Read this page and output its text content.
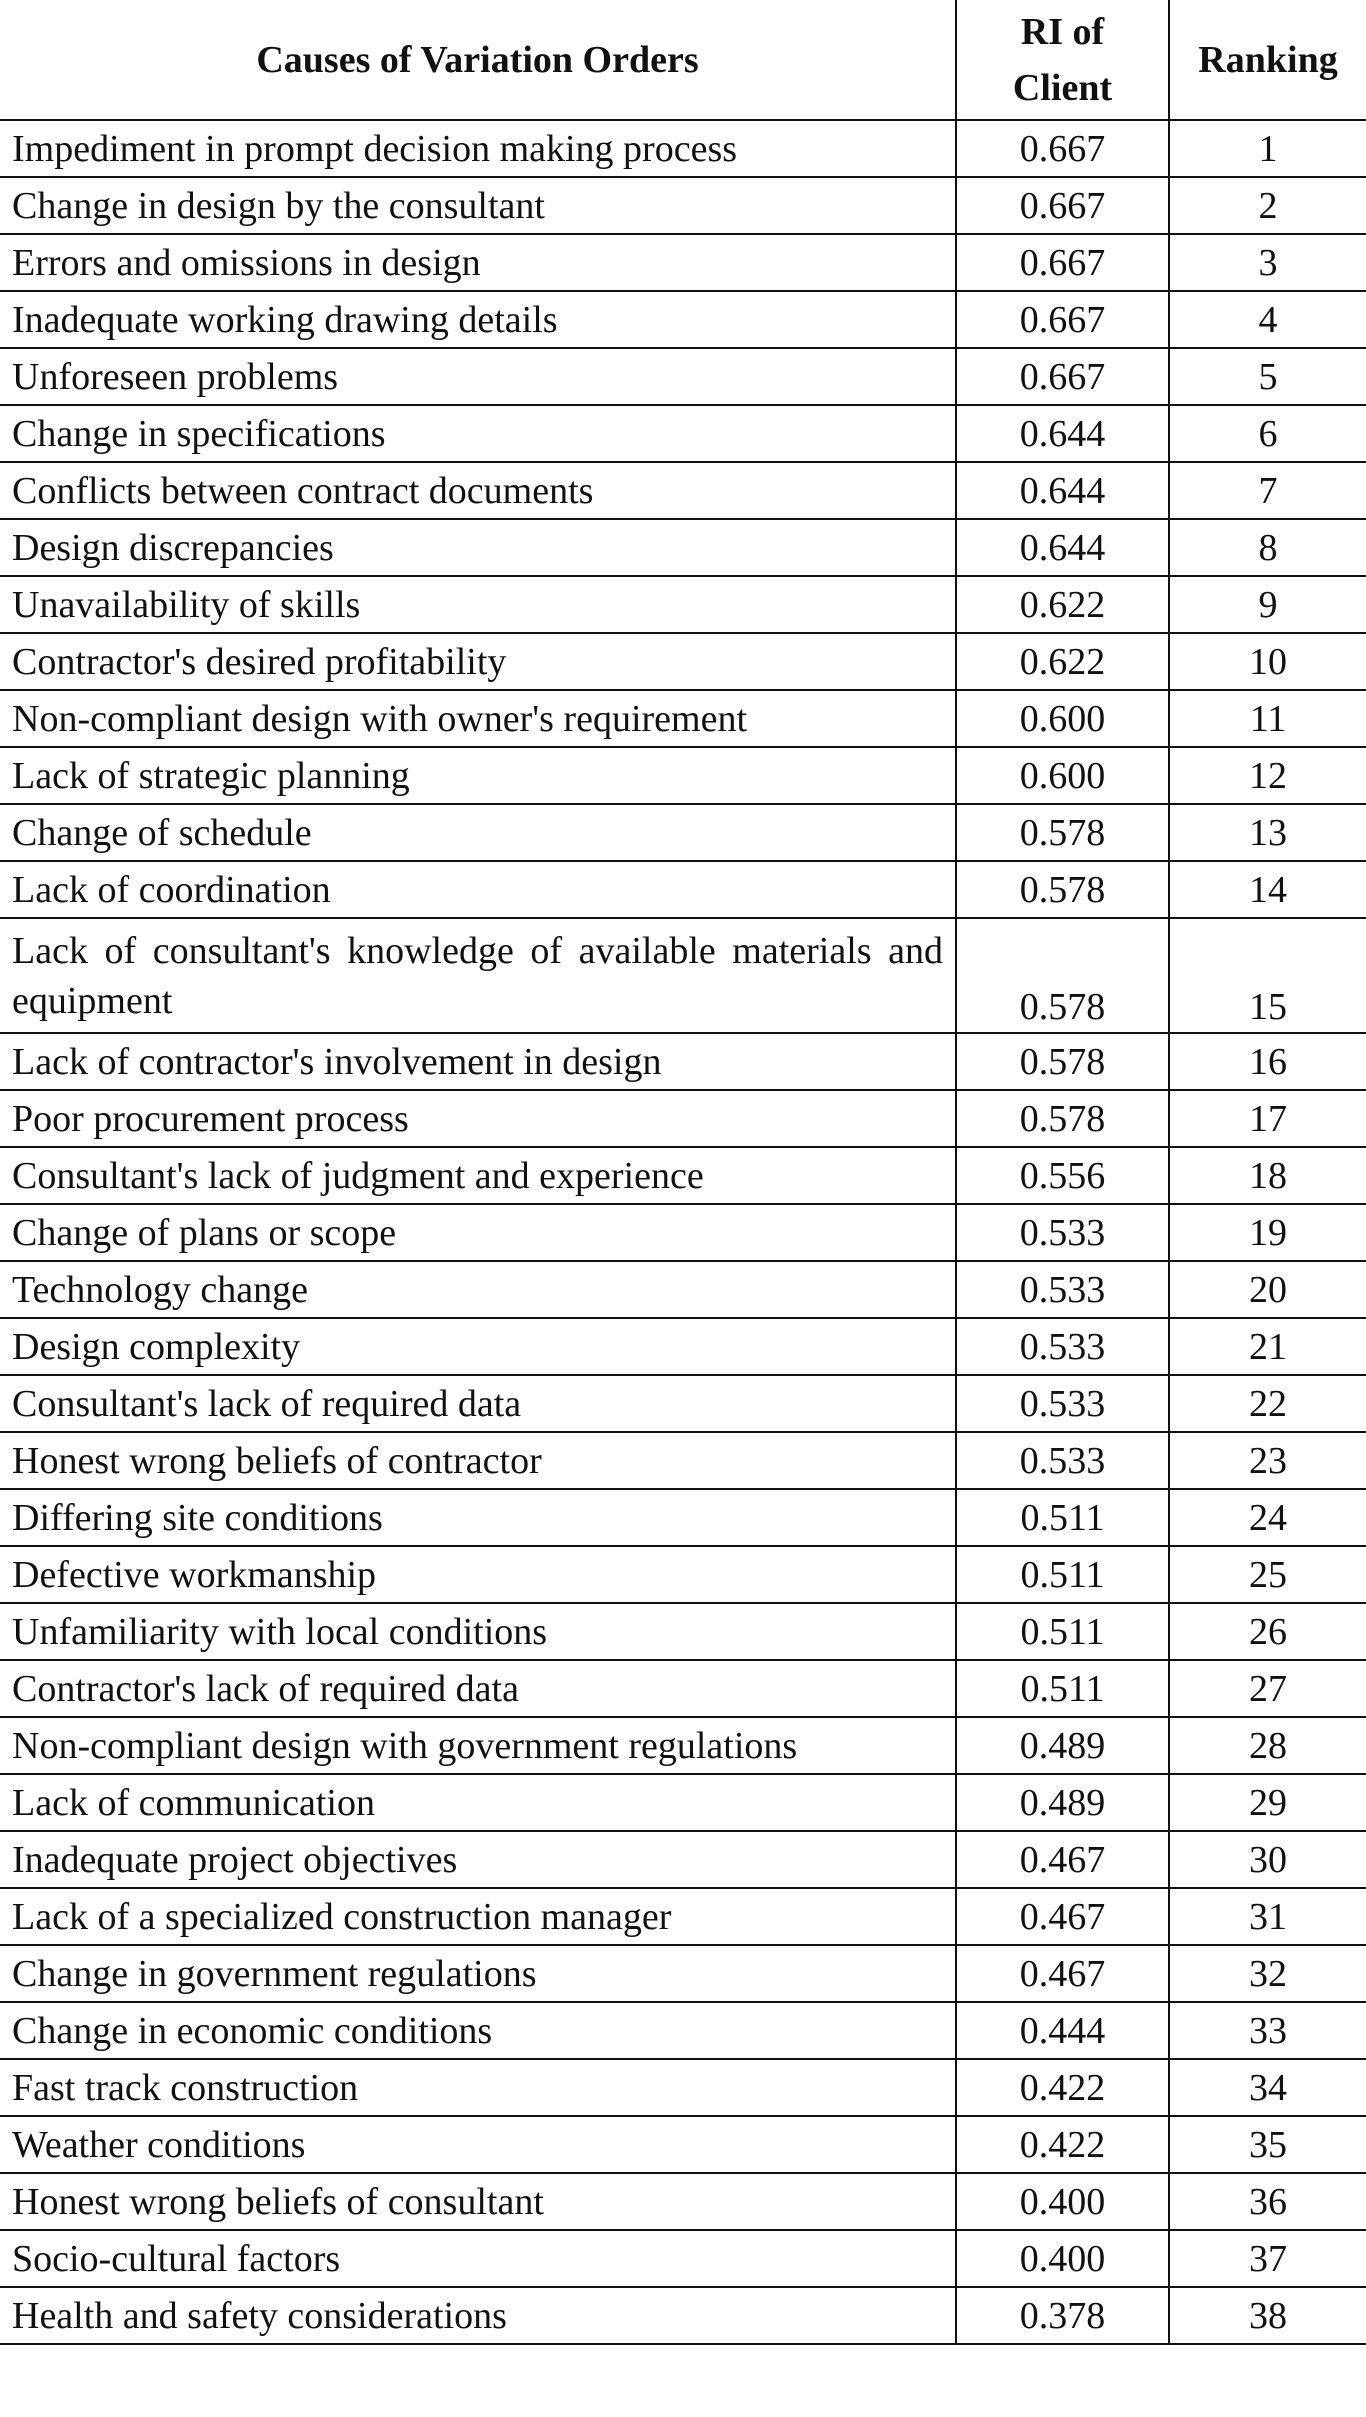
Causes of Variation Orders	RI of Client	Ranking
Impediment in prompt decision making process	0.667	1
Change in design by the consultant	0.667	2
Errors and omissions in design	0.667	3
Inadequate working drawing details	0.667	4
Unforeseen problems	0.667	5
Change in specifications	0.644	6
Conflicts between contract documents	0.644	7
Design discrepancies	0.644	8
Unavailability of skills	0.622	9
Contractor's desired profitability	0.622	10
Non-compliant design with owner's requirement	0.600	11
Lack of strategic planning	0.600	12
Change of schedule	0.578	13
Lack of coordination	0.578	14
Lack of consultant's knowledge of available materials and equipment	0.578	15
Lack of contractor's involvement in design	0.578	16
Poor procurement process	0.578	17
Consultant's lack of judgment and experience	0.556	18
Change of plans or scope	0.533	19
Technology change	0.533	20
Design complexity	0.533	21
Consultant's lack of required data	0.533	22
Honest wrong beliefs of contractor	0.533	23
Differing site conditions	0.511	24
Defective workmanship	0.511	25
Unfamiliarity with local conditions	0.511	26
Contractor's lack of required data	0.511	27
Non-compliant design with government regulations	0.489	28
Lack of communication	0.489	29
Inadequate project objectives	0.467	30
Lack of a specialized construction manager	0.467	31
Change in government regulations	0.467	32
Change in economic conditions	0.444	33
Fast track construction	0.422	34
Weather conditions	0.422	35
Honest wrong beliefs of consultant	0.400	36
Socio-cultural factors	0.400	37
Health and safety considerations	0.378	38
